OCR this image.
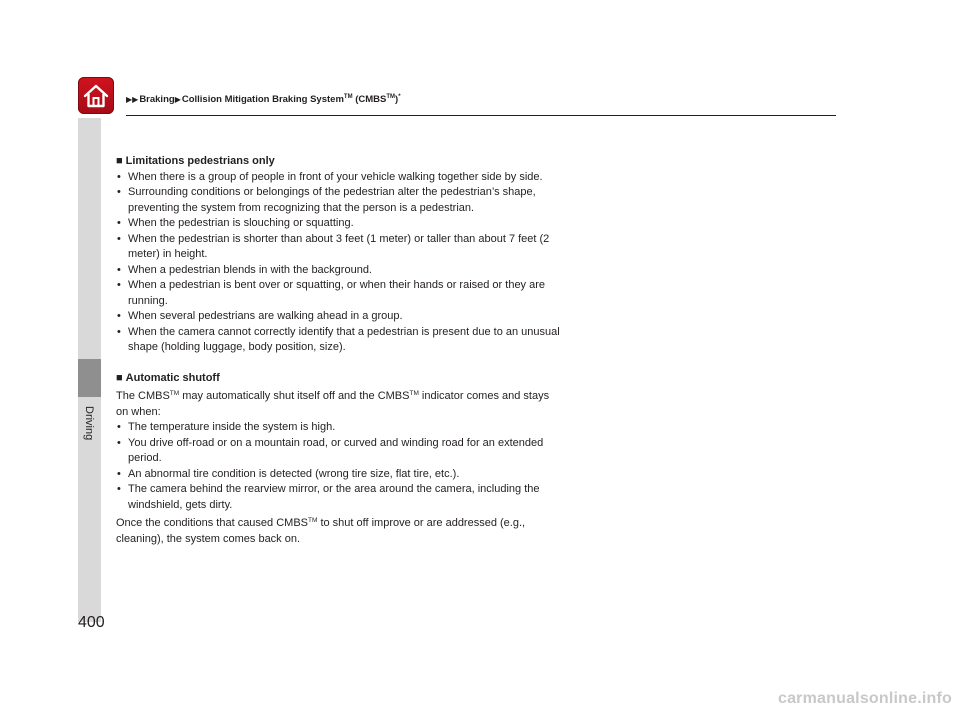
Driving
▶▶Braking▶Collision Mitigation Braking System™ (CMBS™)*

■ Limitations pedestrians only

• When there is a group of people in front of your vehicle walking together side by side.
• Surrounding conditions or belongings of the pedestrian alter the pedestrian’s shape, preventing the system from recognizing that the person is a pedestrian.
• When the pedestrian is slouching or squatting.
• When the pedestrian is shorter than about 3 feet (1 meter) or taller than about 7 feet (2 meter) in height.
• When a pedestrian blends in with the background.
• When a pedestrian is bent over or squatting, or when their hands or raised or they are running.
• When several pedestrians are walking ahead in a group.
• When the camera cannot correctly identify that a pedestrian is present due to an unusual shape (holding luggage, body position, size).

■ Automatic shutoff

The CMBS™ may automatically shut itself off and the CMBS™ indicator comes and stays on when:

• The temperature inside the system is high.
• You drive off-road or on a mountain road, or curved and winding road for an extended period.
• An abnormal tire condition is detected (wrong tire size, flat tire, etc.).
• The camera behind the rearview mirror, or the area around the camera, including the windshield, gets dirty.

Once the conditions that caused CMBS™ to shut off improve or are addressed (e.g., cleaning), the system comes back on.

400
carmanualsonline.info
